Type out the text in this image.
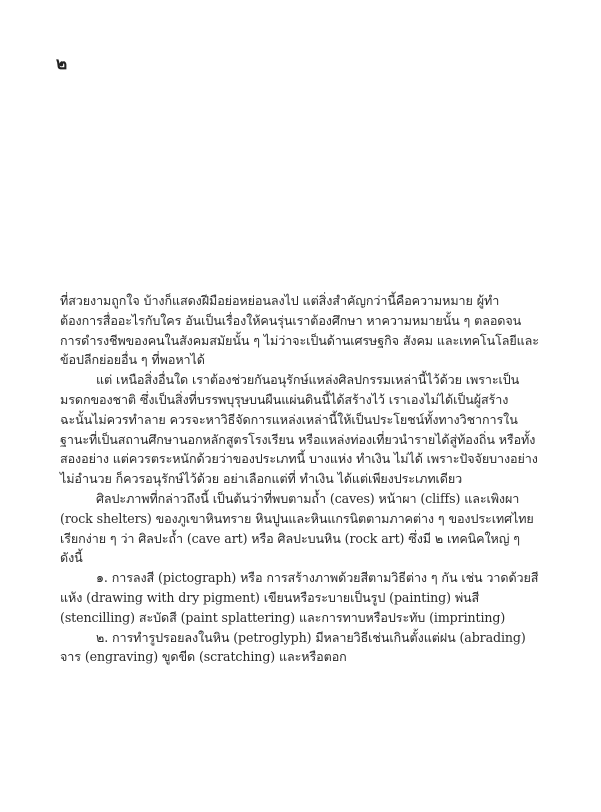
๒

ที่สวยงามถูกใจ บ้างก็แสดงฝีมือย่อหย่อนลงไป แต่สิ่งสำคัญกว่านี้คือความหมาย ผู้ทำต้องการสื่ออะไรกับใคร อันเป็นเรื่องให้คนรุ่นเราต้องศึกษา หาความหมายนั้น ๆ ตลอดจนการดำรงชีพของคนในสังคมสมัยนั้น ๆ ไม่ว่าจะเป็นด้านเศรษฐกิจ สังคม และเทคโนโลยีและข้อปลีกย่อยอื่น ๆ ที่พอหาได้

แต่ เหนือสิ่งอื่นใด เราต้องช่วยกันอนุรักษ์แหล่งศิลปกรรมเหล่านี้ไว้ด้วย เพราะเป็นมรดกของชาติ ซึ่งเป็นสิ่งที่บรรพบุรุษบนผืนแผ่นดินนี้ได้สร้างไว้ เราเองไม่ได้เป็นผู้สร้าง ฉะนั้นไม่ควรทำลาย ควรจะหาวิธีจัดการแหล่งเหล่านี้ให้เป็นประโยชน์ทั้งทางวิชาการในฐานะที่เป็นสถานศึกษานอกหลักสูตรโรงเรียน หรือแหล่งท่องเที่ยวนำรายได้สู่ท้องถิ่น หรือทั้งสองอย่าง แต่ควรตระหนักด้วยว่าของประเภทนี้ บางแห่ง ทำเงิน ไม่ได้ เพราะปัจจัยบางอย่างไม่อำนวย ก็ควรอนุรักษ์ไว้ด้วย อย่าเลือกแต่ที่ ทำเงิน ได้แต่เพียงประเภทเดียว

ศิลปะภาพที่กล่าวถึงนี้ เป็นต้นว่าที่พบตามถ้ำ (caves) หน้าผา (cliffs) และเพิงผา (rock shelters) ของภูเขาหินทราย หินปูนและหินแกรนิตตามภาคต่าง ๆ ของประเทศไทย เรียกง่าย ๆ ว่า ศิลปะถ้ำ (cave art) หรือ ศิลปะบนหิน (rock art) ซึ่งมี ๒ เทคนิคใหญ่ ๆ ดังนี้

๑. การลงสี (pictograph) หรือ การสร้างภาพด้วยสีตามวิธีต่าง ๆ กัน เช่น วาดด้วยสีแห้ง (drawing with dry pigment) เขียนหรือระบายเป็นรูป (painting) พ่นสี (stencilling) สะบัดสี (paint splattering) และการทาบหรือประทับ (imprinting)

๒. การทำรูปรอยลงในหิน (petroglyph) มีหลายวิธีเช่นเกินตั้งแต่ฝน (abrading) จาร (engraving) ขูดขีด (scratching) และหรือตอก
